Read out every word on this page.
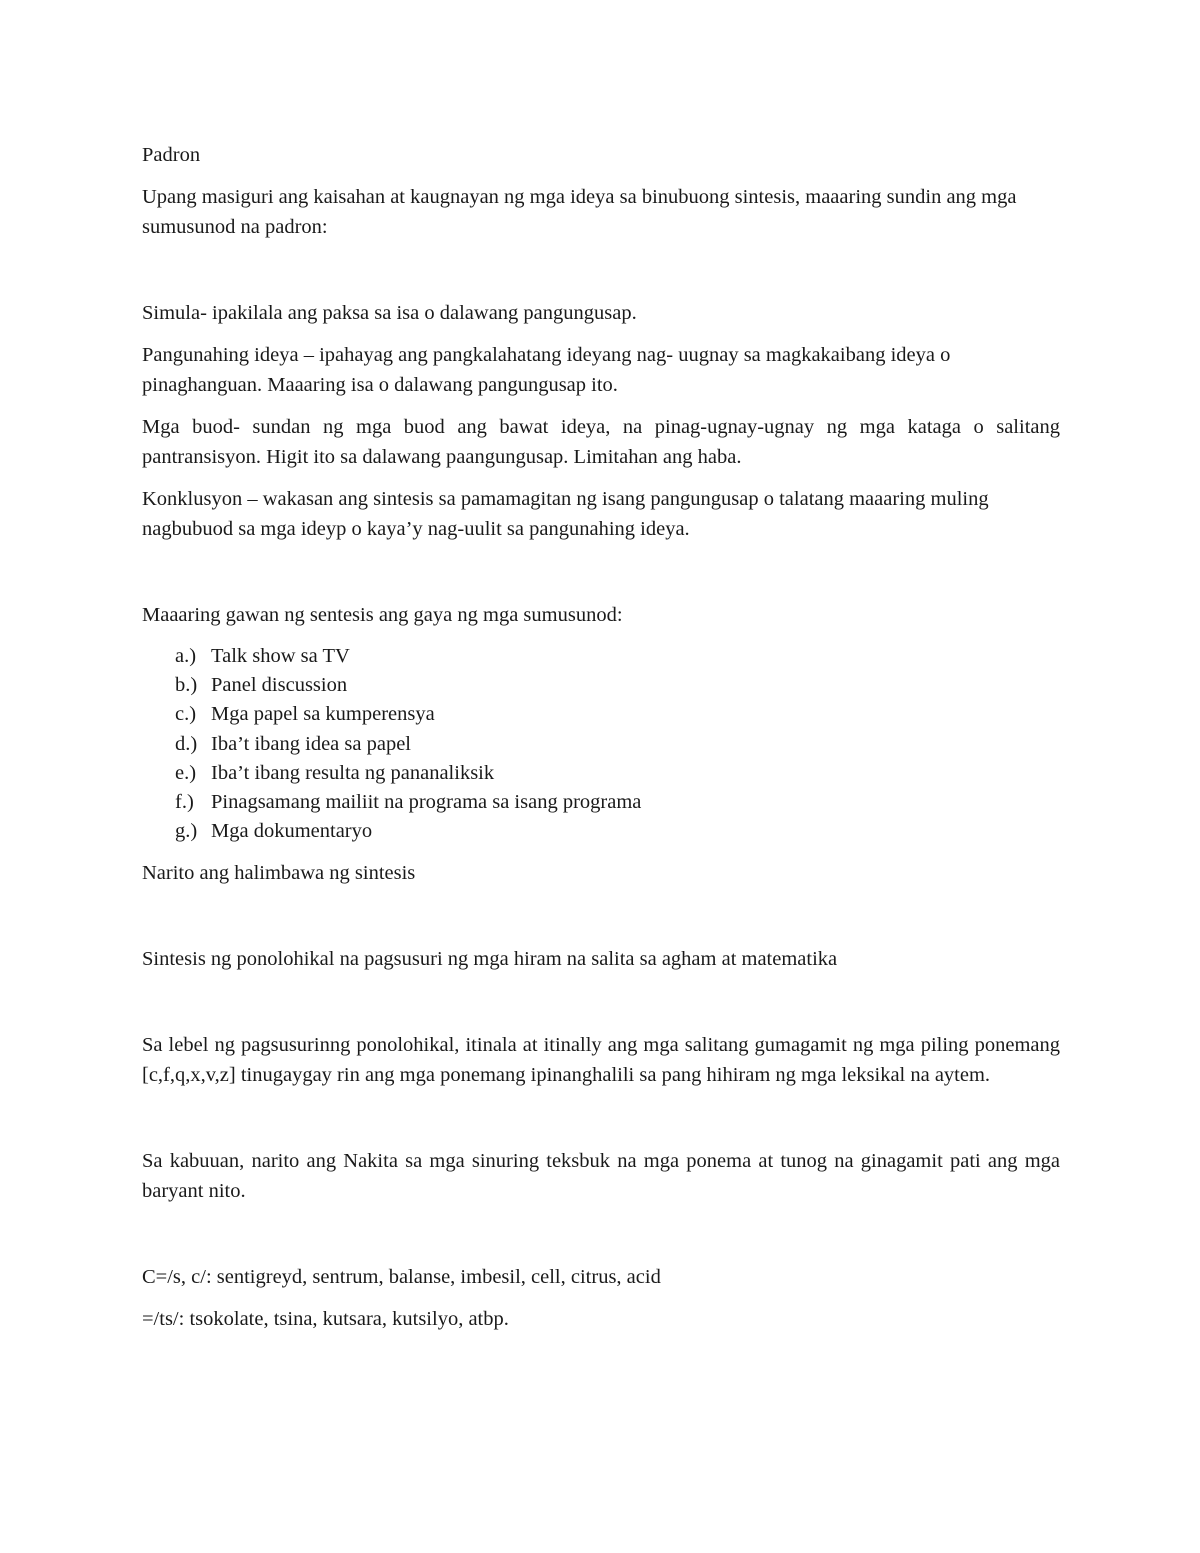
Padron

Upang masiguri ang kaisahan at kaugnayan ng mga ideya sa binubuong sintesis, maaaring sundin ang mga sumusunod na padron:

Simula- ipakilala ang paksa sa isa o dalawang pangungusap.

Pangunahing ideya – ipahayag ang pangkalahatang ideyang nag- uugnay sa magkakaibang ideya o pinaghanguan. Maaaring isa o dalawang pangungusap ito.

Mga buod- sundan ng mga buod ang bawat ideya, na pinag-ugnay-ugnay ng mga kataga o salitang pantransisyon. Higit ito sa dalawang paangungusap. Limitahan ang haba.

Konklusyon – wakasan ang sintesis sa pamamagitan ng isang pangungusap o talatang maaaring muling nagbubuod sa mga ideyp o kaya’y nag-uulit sa pangunahing ideya.

Maaaring gawan ng sentesis ang gaya ng mga sumusunod:

a.) Talk show sa TV
b.) Panel discussion
c.) Mga papel sa kumperensya
d.) Iba’t ibang idea sa papel
e.) Iba’t ibang resulta ng pananaliksik
f.) Pinagsamang mailiit na programa sa isang programa
g.) Mga dokumentaryo

Narito ang halimbawa ng sintesis

Sintesis ng ponolohikal na pagsusuri ng mga hiram na salita sa agham at matematika

Sa lebel ng pagsusurinng ponolohikal, itinala at itinally ang mga salitang gumagamit ng mga piling ponemang [c,f,q,x,v,z] tinugaygay rin ang mga ponemang ipinanghalili sa pang hihiram ng mga leksikal na aytem.

Sa kabuuan, narito ang Nakita sa mga sinuring teksbuk na mga ponema at tunog na ginagamit pati ang mga baryant nito.

C=/s, c/: sentigreyd, sentrum, balanse, imbesil, cell, citrus, acid

=/ts/: tsokolate, tsina, kutsara, kutsilyo, atbp.
